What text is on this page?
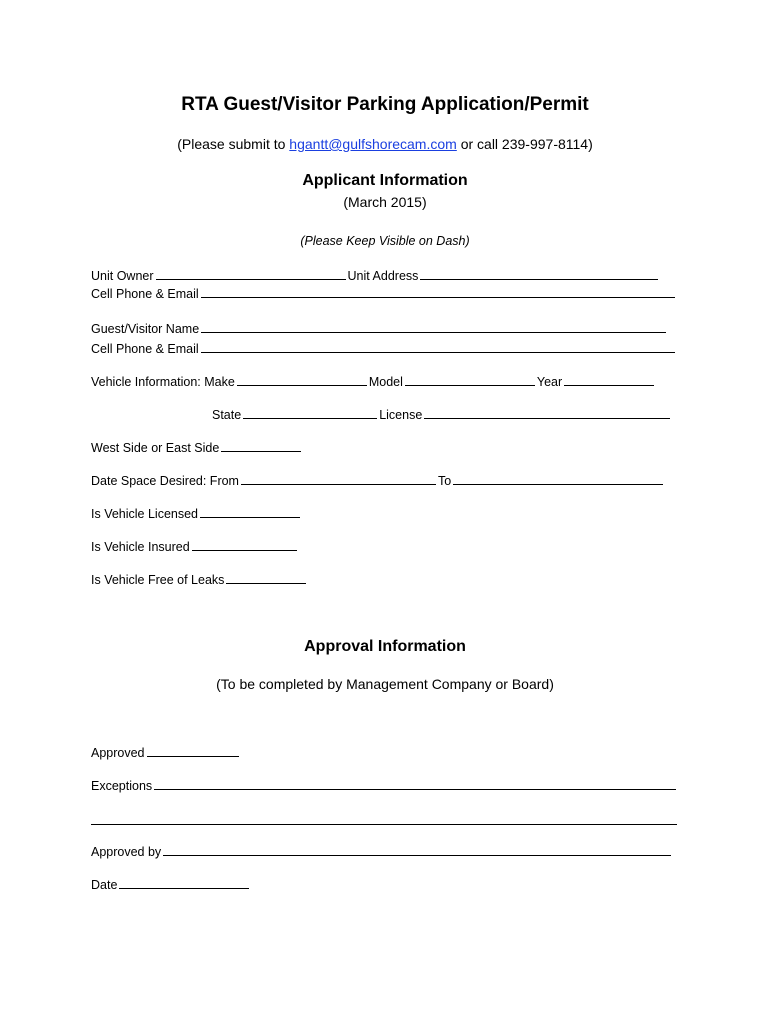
RTA Guest/Visitor Parking Application/Permit
(Please submit to hgantt@gulfshorecam.com or call 239-997-8114)
Applicant Information
(March 2015)
(Please Keep Visible on Dash)
Unit Owner	Unit Address
Cell Phone & Email
Guest/Visitor Name
Cell Phone & Email
Vehicle Information: Make	Model	Year
State	License
West Side or East Side
Date Space Desired: From	To
Is Vehicle Licensed
Is Vehicle Insured
Is Vehicle Free of Leaks
Approval Information
(To be completed by Management Company or Board)
Approved
Exceptions
Approved by
Date
